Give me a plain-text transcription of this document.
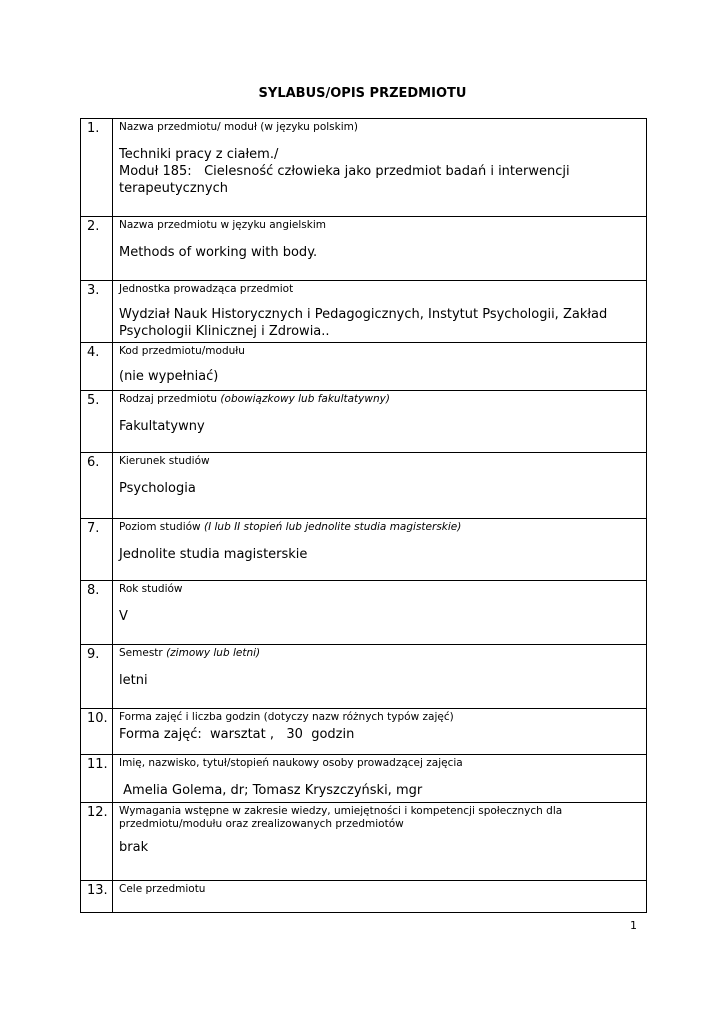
SYLABUS/OPIS PRZEDMIOTU
1.	Nazwa przedmiotu/ moduł (w języku polskim)
Techniki pracy z ciałem./
Moduł 185:   Cielesność człowieka jako przedmiot badań i interwencji terapeutycznych

2.	Nazwa przedmiotu w języku angielskim
Methods of working with body.

3.	Jednostka prowadząca przedmiot
Wydział Nauk Historycznych i Pedagogicznych, Instytut Psychologii, Zakład Psychologii Klinicznej i Zdrowia..

4.	Kod przedmiotu/modułu
(nie wypełniać)

5.	Rodzaj przedmiotu (obowiązkowy lub fakultatywny)
Fakultatywny

6.	Kierunek studiów
Psychologia

7.	Poziom studiów (I lub II stopień lub jednolite studia magisterskie)
Jednolite studia magisterskie

8.	Rok studiów
V

9.	Semestr (zimowy lub letni)
letni

10.	Forma zajęć i liczba godzin (dotyczy nazw różnych typów zajęć)
Forma zajęć:  warsztat ,   30  godzin

11.	Imię, nazwisko, tytuł/stopień naukowy osoby prowadzącej zajęcia
Amelia Golema, dr; Tomasz Kryszczyński, mgr

12.	Wymagania wstępne w zakresie wiedzy, umiejętności i kompetencji społecznych dla przedmiotu/modułu oraz zrealizowanych przedmiotów
brak

13.	Cele przedmiotu
1
